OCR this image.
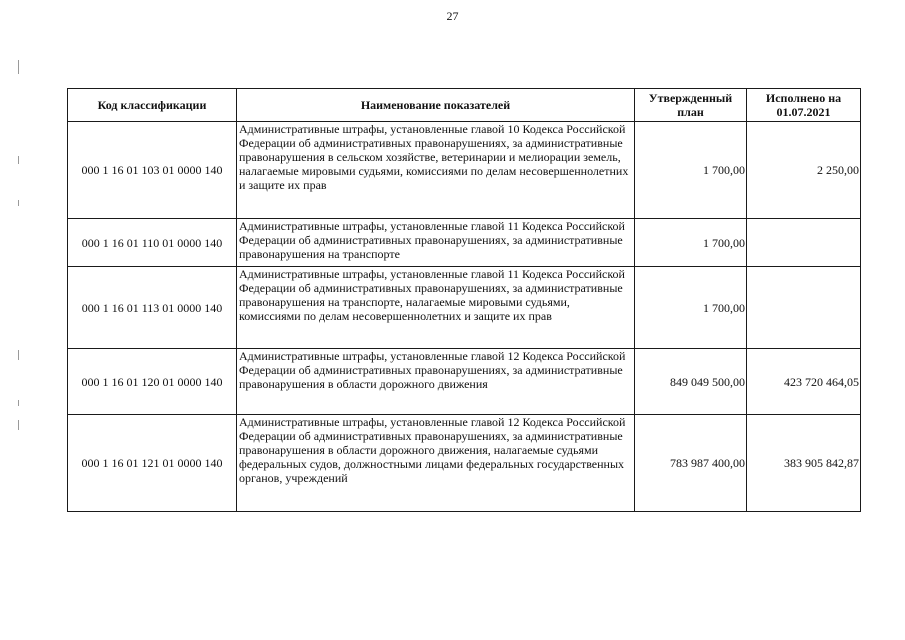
27
Код классификации	Наименование показателей	Утвержденный план	Исполнено на 01.07.2021
000 1 16 01 103 01 0000 140	Административные штрафы, установленные главой 10 Кодекса Российской Федерации об административных правонарушениях, за административные правонарушения в сельском хозяйстве, ветеринарии и мелиорации земель, налагаемые мировыми судьями, комиссиями по делам несовершеннолетних и защите их прав	1 700,00	2 250,00
000 1 16 01 110 01 0000 140	Административные штрафы, установленные главой 11 Кодекса Российской Федерации об административных правонарушениях, за административные правонарушения на транспорте	1 700,00	
000 1 16 01 113 01 0000 140	Административные штрафы, установленные главой 11 Кодекса Российской Федерации об административных правонарушениях, за административные правонарушения на транспорте, налагаемые мировыми судьями, комиссиями по делам несовершеннолетних и защите их прав	1 700,00	
000 1 16 01 120 01 0000 140	Административные штрафы, установленные главой 12 Кодекса Российской Федерации об административных правонарушениях, за административные правонарушения в области дорожного движения	849 049 500,00	423 720 464,05
000 1 16 01 121 01 0000 140	Административные штрафы, установленные главой 12 Кодекса Российской Федерации об административных правонарушениях, за административные правонарушения в области дорожного движения, налагаемые судьями федеральных судов, должностными лицами федеральных государственных органов, учреждений	783 987 400,00	383 905 842,87
